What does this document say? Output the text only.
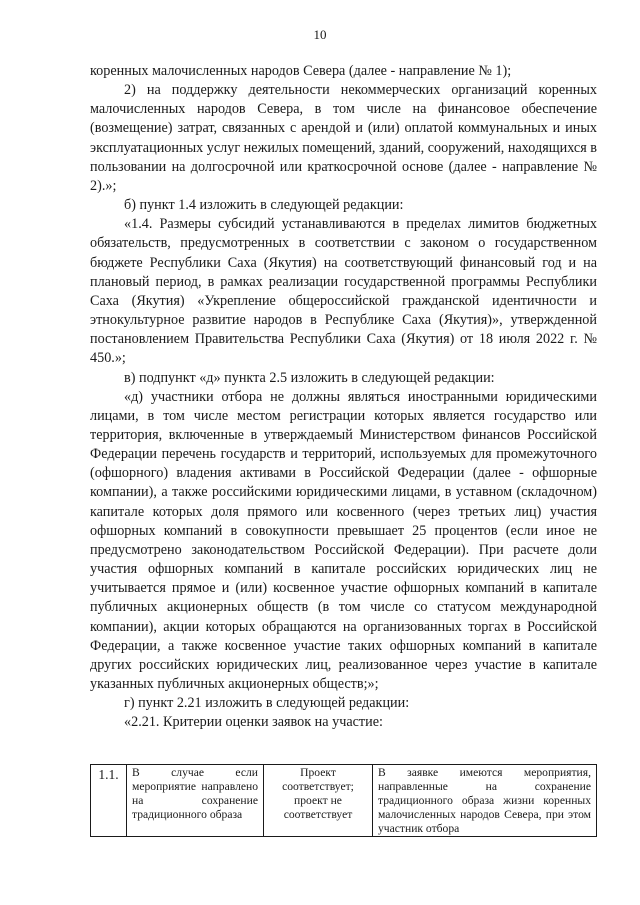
10

коренных малочисленных народов Севера (далее - направление № 1);

2) на поддержку деятельности некоммерческих организаций коренных малочисленных народов Севера, в том числе на финансовое обеспечение (возмещение) затрат, связанных с арендой и (или) оплатой коммунальных и иных эксплуатационных услуг нежилых помещений, зданий, сооружений, находящихся в пользовании на долгосрочной или краткосрочной основе (далее - направление № 2).»;

б) пункт 1.4 изложить в следующей редакции:

«1.4. Размеры субсидий устанавливаются в пределах лимитов бюджетных обязательств, предусмотренных в соответствии с законом о государственном бюджете Республики Саха (Якутия) на соответствующий финансовый год и на плановый период, в рамках реализации государственной программы Республики Саха (Якутия) «Укрепление общероссийской гражданской идентичности и этнокультурное развитие народов в Республике Саха (Якутия)», утвержденной постановлением Правительства Республики Саха (Якутия) от 18 июля 2022 г. № 450.»;

в) подпункт «д» пункта 2.5 изложить в следующей редакции:

«д) участники отбора не должны являться иностранными юридическими лицами, в том числе местом регистрации которых является государство или территория, включенные в утверждаемый Министерством финансов Российской Федерации перечень государств и территорий, используемых для промежуточного (офшорного) владения активами в Российской Федерации (далее - офшорные компании), а также российскими юридическими лицами, в уставном (складочном) капитале которых доля прямого или косвенного (через третьих лиц) участия офшорных компаний в совокупности превышает 25 процентов (если иное не предусмотрено законодательством Российской Федерации). При расчете доли участия офшорных компаний в капитале российских юридических лиц не учитывается прямое и (или) косвенное участие офшорных компаний в капитале публичных акционерных обществ (в том числе со статусом международной компании), акции которых обращаются на организованных торгах в Российской Федерации, а также косвенное участие таких офшорных компаний в капитале других российских юридических лиц, реализованное через участие в капитале указанных публичных акционерных обществ;»;

г) пункт 2.21 изложить в следующей редакции:

«2.21. Критерии оценки заявок на участие:

1.1.	В случае если мероприятие направлено на сохранение традиционного образа	Проект соответствует; проект не соответствует	В заявке имеются мероприятия, направленные на сохранение традиционного образа жизни коренных малочисленных народов Севера, при этом участник отбора
